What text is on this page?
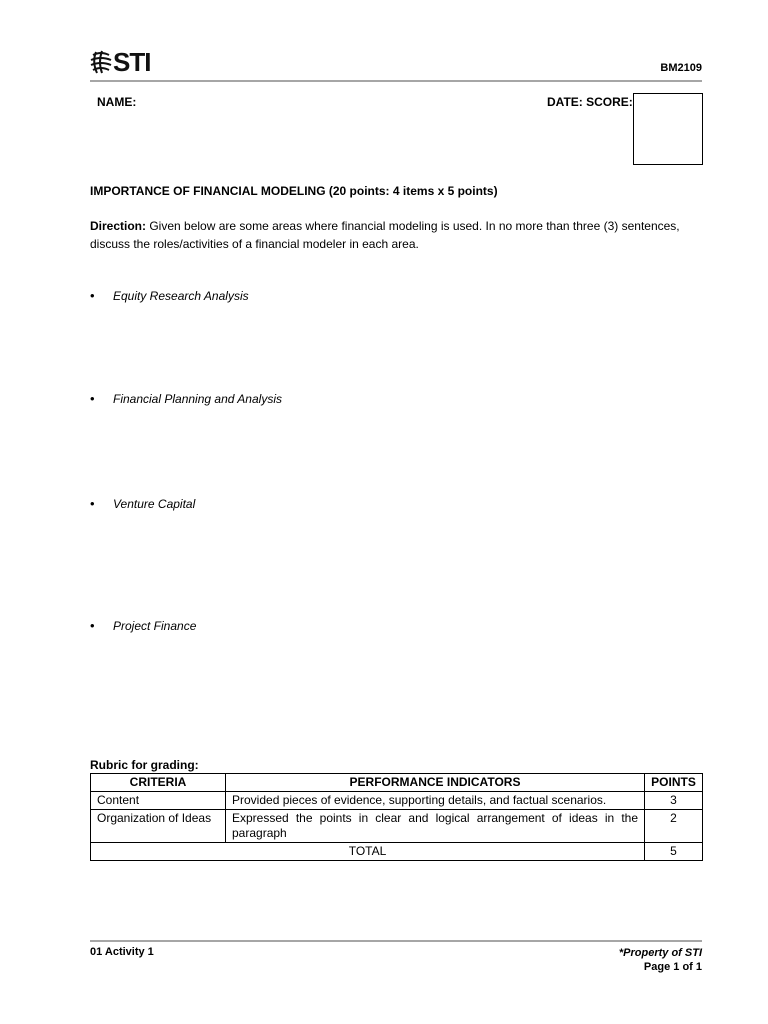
STI	BM2109
NAME:	DATE: SCORE:
IMPORTANCE OF FINANCIAL MODELING (20 points: 4 items x 5 points)
Direction: Given below are some areas where financial modeling is used. In no more than three (3) sentences, discuss the roles/activities of a financial modeler in each area.
•	Equity Research Analysis
•	Financial Planning and Analysis
•	Venture Capital
•	Project Finance
Rubric for grading:
CRITERIA	PERFORMANCE INDICATORS	POINTS
Content	Provided pieces of evidence, supporting details, and factual scenarios.	3
Organization of Ideas	Expressed the points in clear and logical arrangement of ideas in the paragraph	2
TOTAL		5
01 Activity 1	*Property of STI
Page 1 of 1
